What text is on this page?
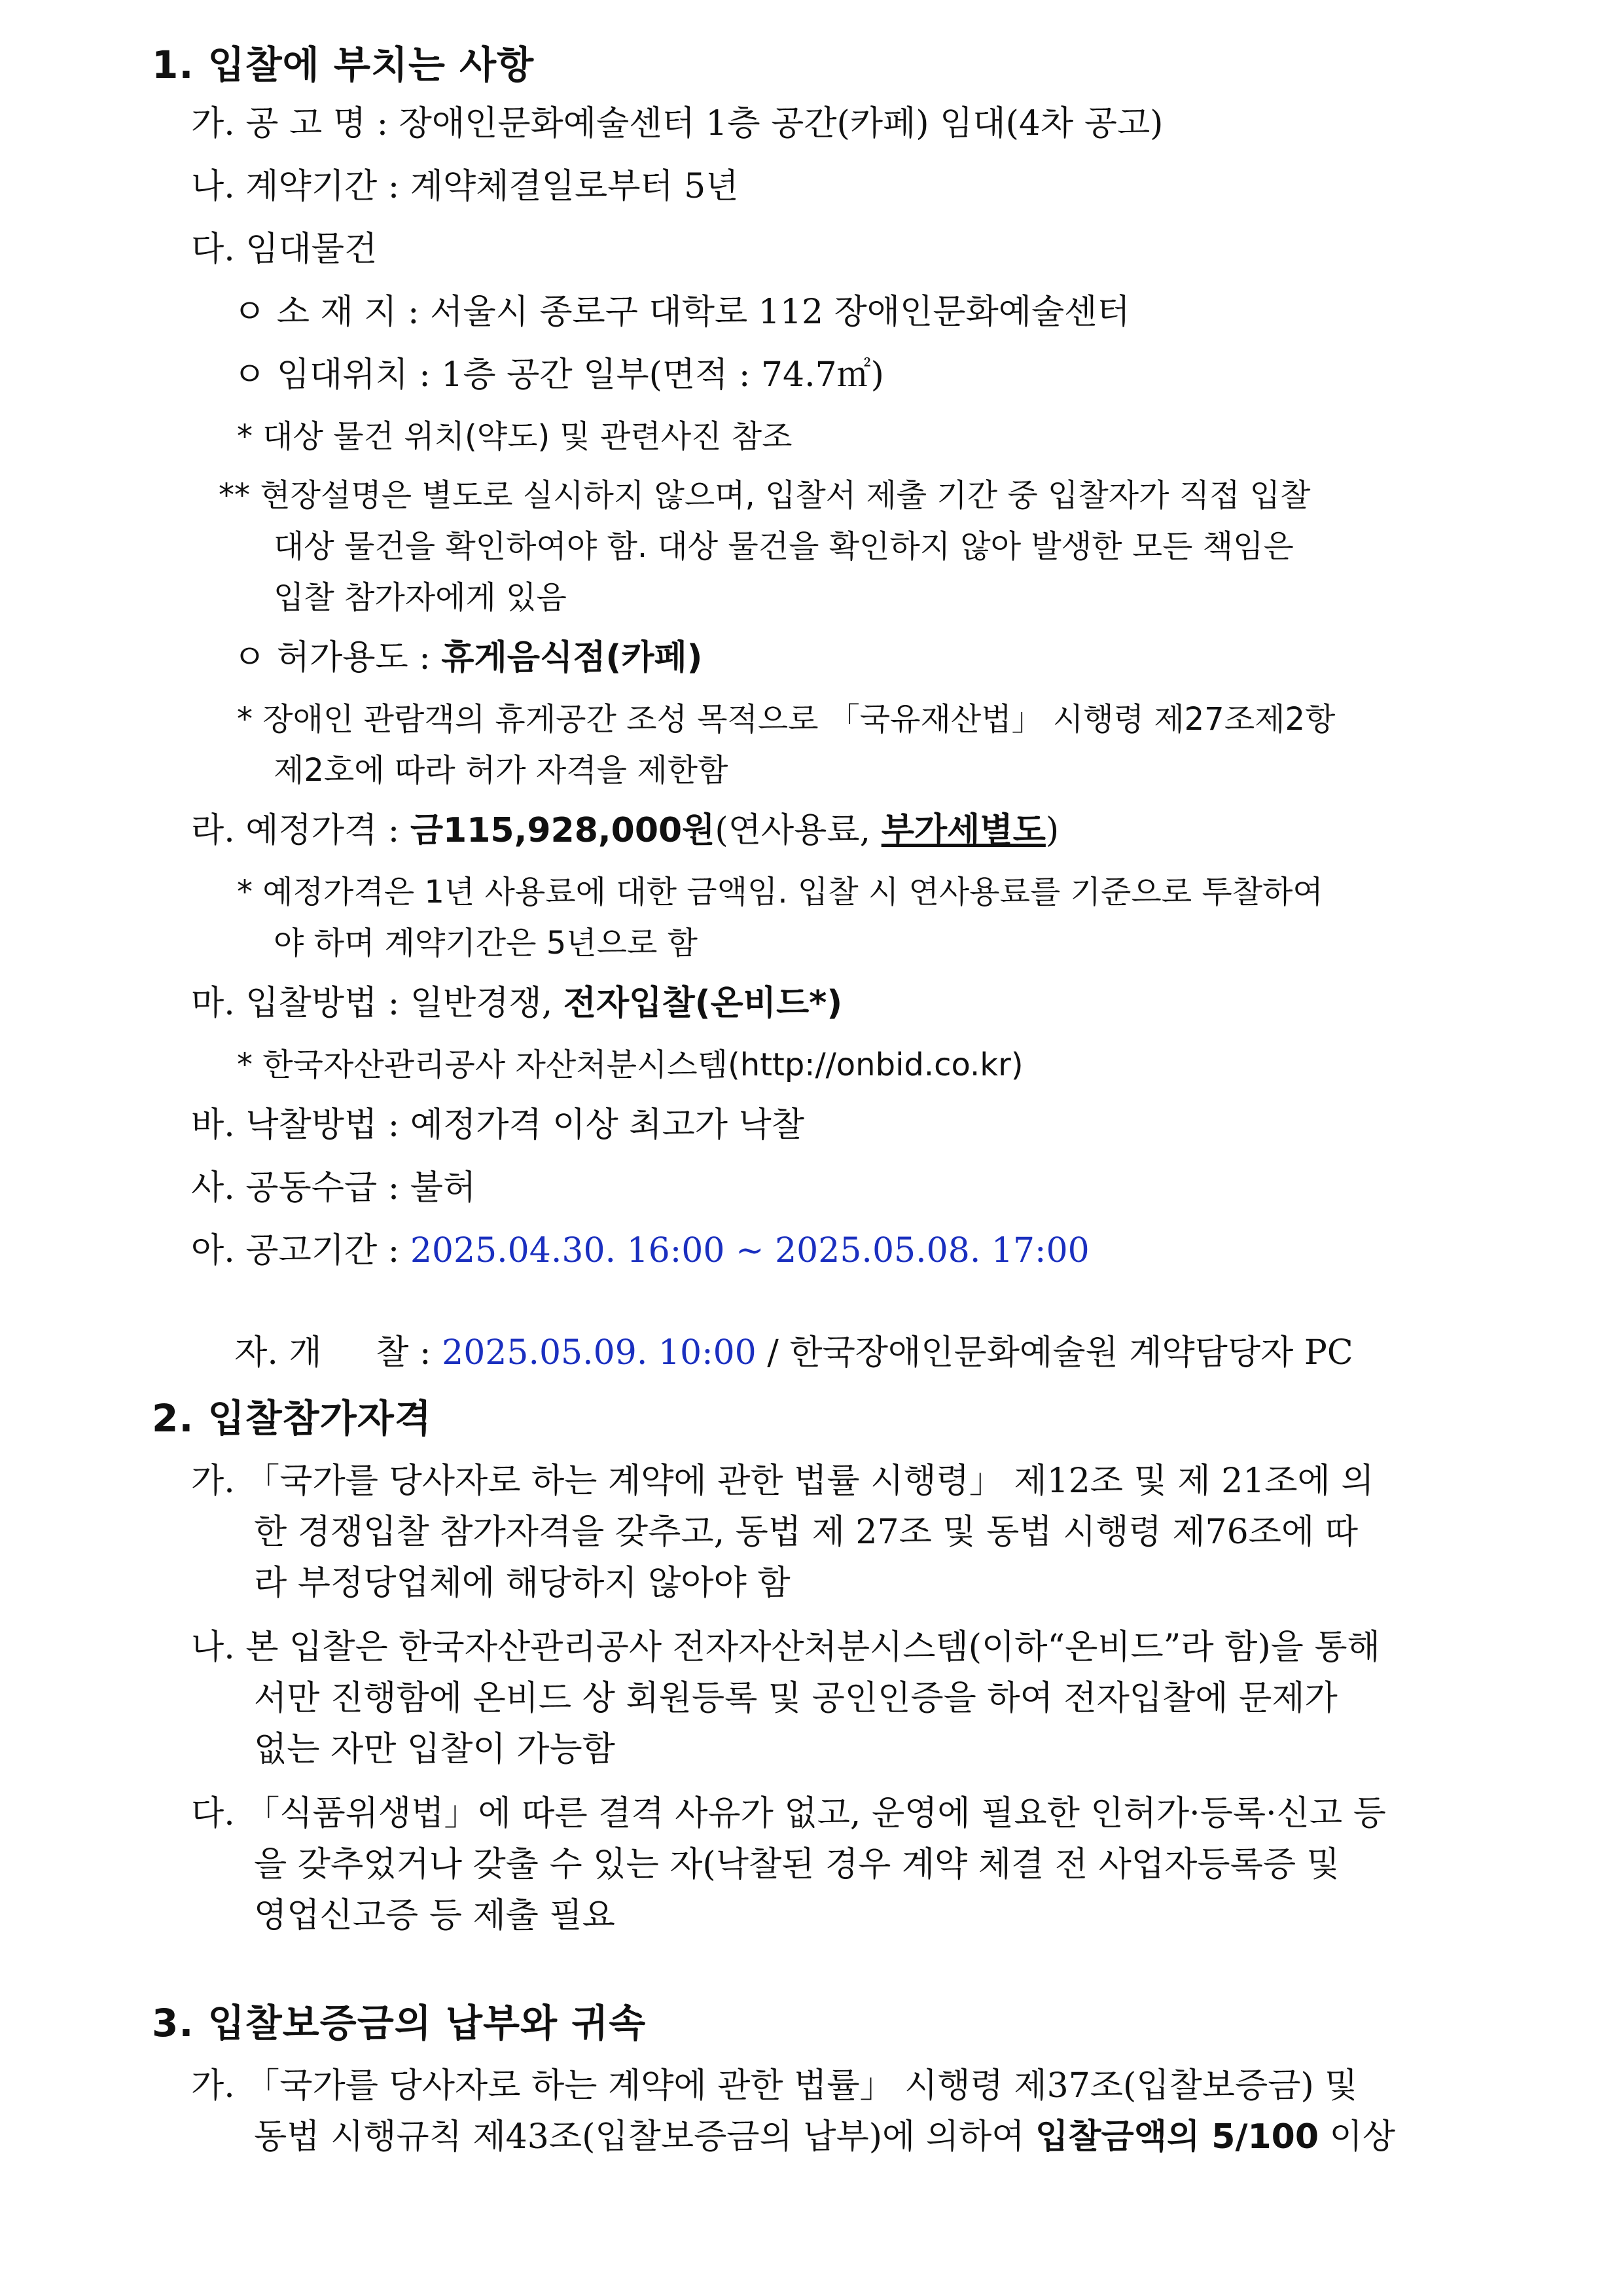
1. 입찰에 부치는 사항
가. 공 고 명 : 장애인문화예술센터 1층 공간(카페) 임대(4차 공고)
나. 계약기간 : 계약체결일로부터 5년
다. 임대물건
ㅇ 소 재 지 : 서울시 종로구 대학로 112 장애인문화예술센터
ㅇ 임대위치 : 1층 공간 일부(면적 : 74.7㎡)
* 대상 물건 위치(약도) 및 관련사진 참조
** 현장설명은 별도로 실시하지 않으며, 입찰서 제출 기간 중 입찰자가 직접 입찰
대상 물건을 확인하여야 함. 대상 물건을 확인하지 않아 발생한 모든 책임은
입찰 참가자에게 있음
ㅇ 허가용도 : 휴게음식점(카페)
* 장애인 관람객의 휴게공간 조성 목적으로 「국유재산법」 시행령 제27조제2항
제2호에 따라 허가 자격을 제한함
라. 예정가격 : 금115,928,000원(연사용료, 부가세별도)
* 예정가격은 1년 사용료에 대한 금액임. 입찰 시 연사용료를 기준으로 투찰하여
야 하며 계약기간은 5년으로 함
마. 입찰방법 : 일반경쟁, 전자입찰(온비드*)
* 한국자산관리공사 자산처분시스템(http://onbid.co.kr)
바. 낙찰방법 : 예정가격 이상 최고가 낙찰
사. 공동수급 : 불허
아. 공고기간 : 2025.04.30. 16:00 ~ 2025.05.08. 17:00

자. 개     찰 : 2025.05.09. 10:00 / 한국장애인문화예술원 계약담당자 PC

2. 입찰참가자격
가. 「국가를 당사자로 하는 계약에 관한 법률 시행령」 제12조 및 제 21조에 의
한 경쟁입찰 참가자격을 갖추고, 동법 제 27조 및 동법 시행령 제76조에 따
라 부정당업체에 해당하지 않아야 함
나. 본 입찰은 한국자산관리공사 전자자산처분시스템(이하“온비드”라 함)을 통해
서만 진행함에 온비드 상 회원등록 및 공인인증을 하여 전자입찰에 문제가
없는 자만 입찰이 가능함
다. 「식품위생법」에 따른 결격 사유가 없고, 운영에 필요한 인허가·등록·신고 등
을 갖추었거나 갖출 수 있는 자(낙찰된 경우 계약 체결 전 사업자등록증 및
영업신고증 등 제출 필요
3. 입찰보증금의 납부와 귀속
가. 「국가를 당사자로 하는 계약에 관한 법률」 시행령 제37조(입찰보증금) 및
동법 시행규칙 제43조(입찰보증금의 납부)에 의하여 입찰금액의 5/100 이상
